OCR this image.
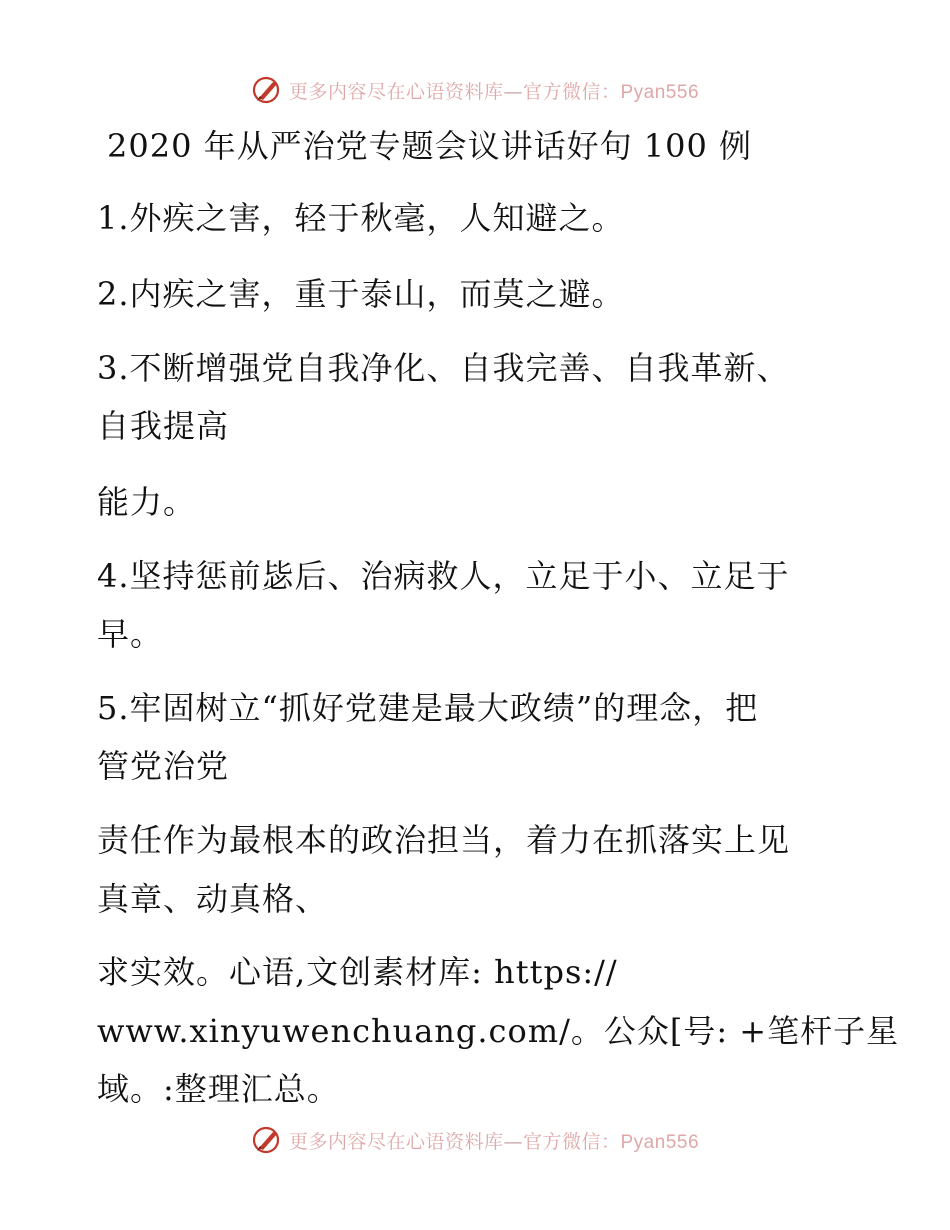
更多内容尽在心语资料库—官方微信：Pyan556
2020 年从严治党专题会议讲话好句 100 例
1.外疾之害，轻于秋毫，人知避之。
2.内疾之害，重于泰山，而莫之避。
3.不断增强党自我净化、自我完善、自我革新、
自我提高
能力。
4.坚持惩前毖后、治病救人，立足于小、立足于
早。
5.牢固树立“抓好党建是最大政绩”的理念，把
管党治党
责任作为最根本的政治担当，着力在抓落实上见
真章、动真格、
求实效。心语,文创素材库: https://
www.xinyuwenchuang.com/。公众[号: +笔杆子星
域。:整理汇总。
更多内容尽在心语资料库—官方微信：Pyan556
